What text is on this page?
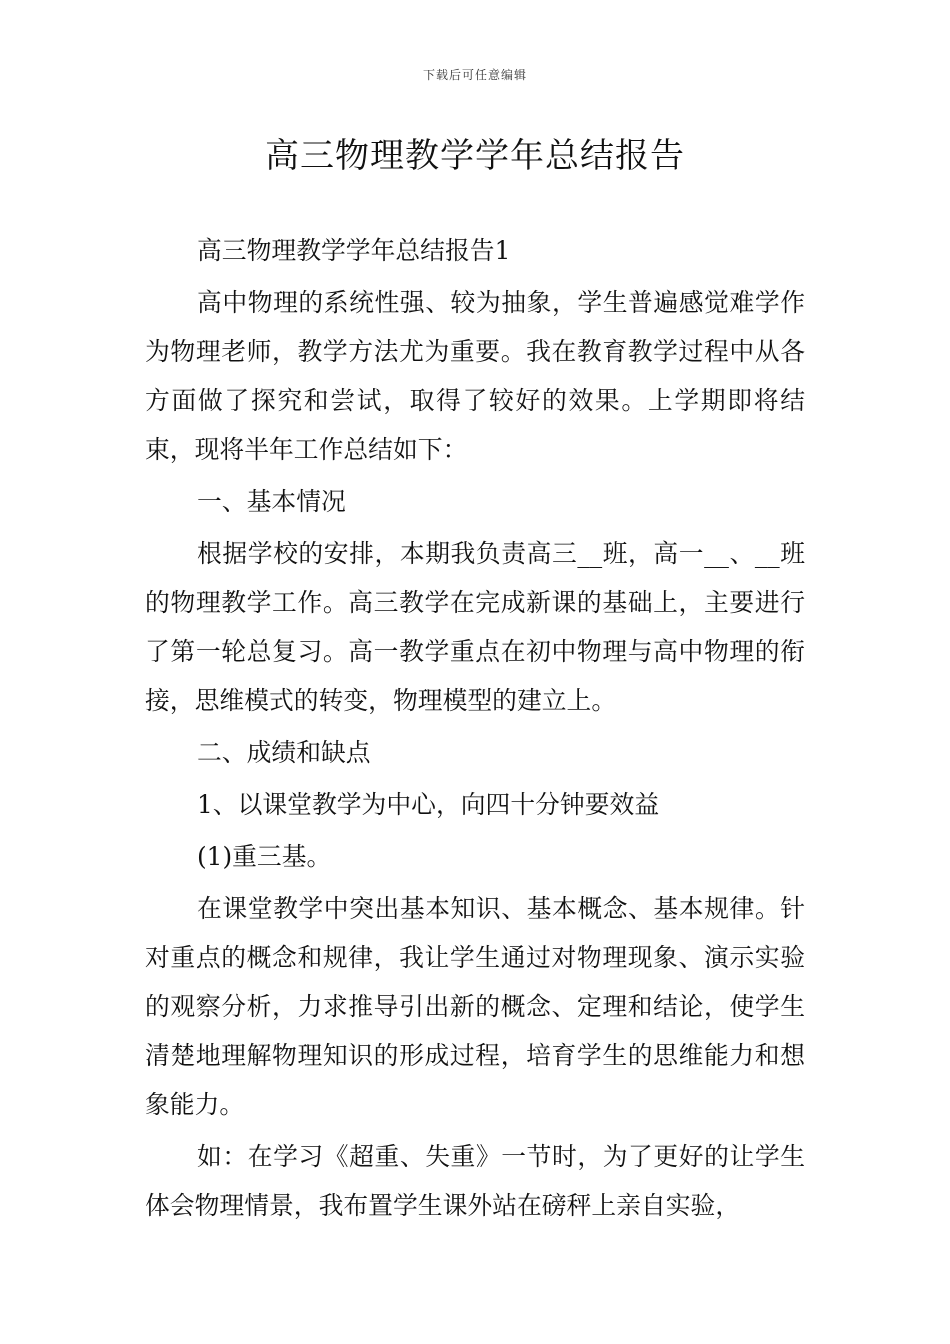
下载后可任意编辑
高三物理教学学年总结报告

高三物理教学学年总结报告1

高中物理的系统性强、较为抽象，学生普遍感觉难学作为物理老师，教学方法尤为重要。我在教育教学过程中从各方面做了探究和尝试，取得了较好的效果。上学期即将结束，现将半年工作总结如下：

一、基本情况

根据学校的安排，本期我负责高三__班，高一__、__班的物理教学工作。高三教学在完成新课的基础上，主要进行了第一轮总复习。高一教学重点在初中物理与高中物理的衔接，思维模式的转变，物理模型的建立上。

二、成绩和缺点

1、以课堂教学为中心，向四十分钟要效益

(1)重三基。

在课堂教学中突出基本知识、基本概念、基本规律。针对重点的概念和规律，我让学生通过对物理现象、演示实验的观察分析，力求推导引出新的概念、定理和结论，使学生清楚地理解物理知识的形成过程，培育学生的思维能力和想象能力。

如：在学习《超重、失重》一节时，为了更好的让学生体会物理情景，我布置学生课外站在磅秤上亲自实验，
